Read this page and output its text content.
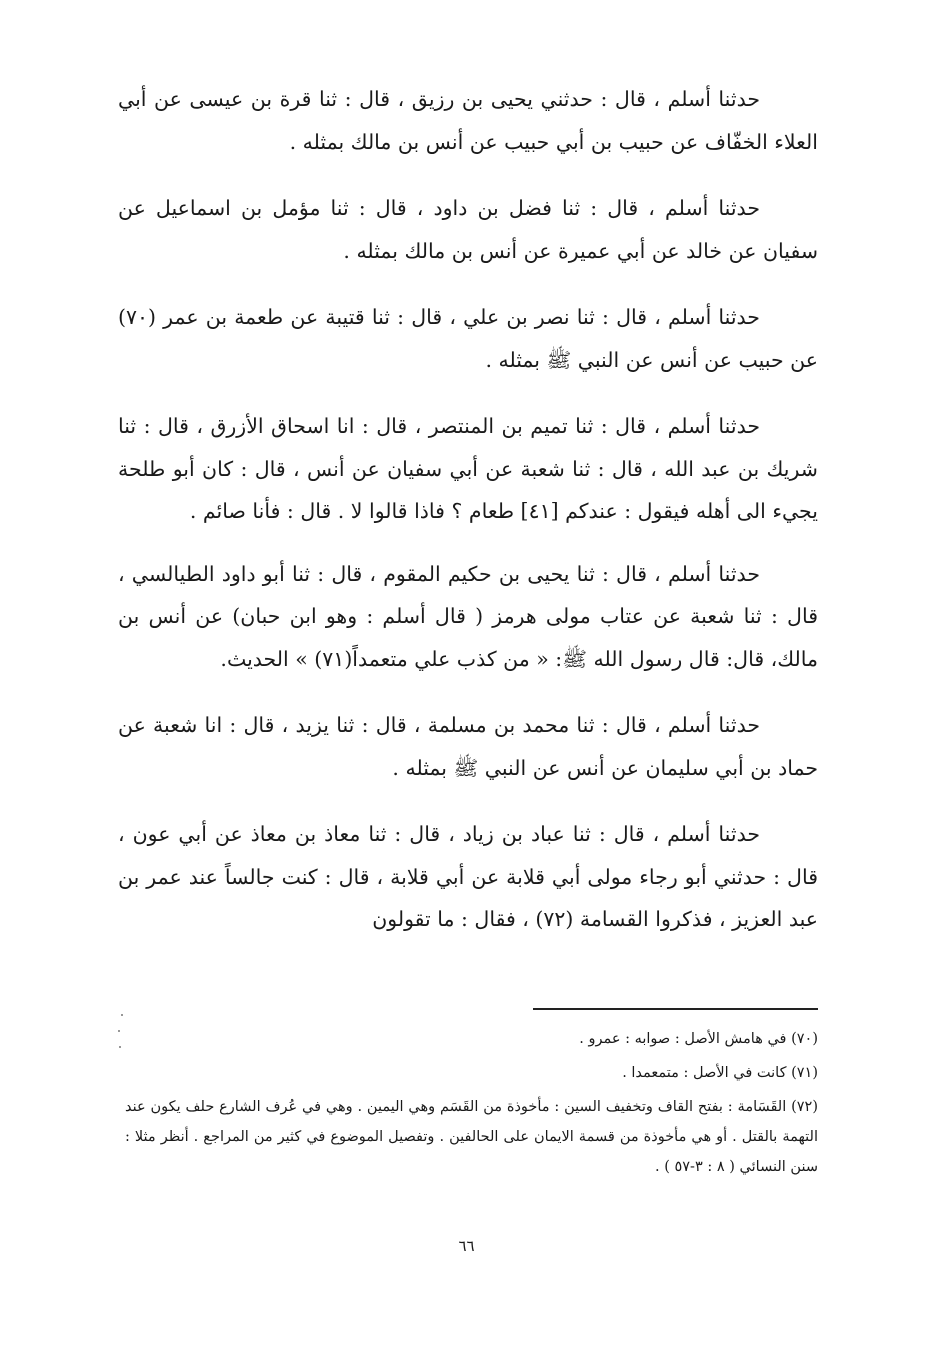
حدثنا أسلم ، قال : حدثني يحيى بن رزيق ، قال : ثنا قرة بن عيسى عن أبي العلاء الخفّاف عن حبيب بن أبي حبيب عن أنس بن مالك بمثله .

حدثنا أسلم ، قال : ثنا فضل بن داود ، قال : ثنا مؤمل بن اسماعيل عن سفيان عن خالد عن أبي عميرة عن أنس بن مالك بمثله .

حدثنا أسلم ، قال : ثنا نصر بن علي ، قال : ثنا قتيبة عن طعمة بن عمر (٧٠) عن حبيب عن أنس عن النبي ﷺ بمثله .

حدثنا أسلم ، قال : ثنا تميم بن المنتصر ، قال : انا اسحاق الأزرق ، قال : ثنا شريك بن عبد الله ، قال : ثنا شعبة عن أبي سفيان عن أنس ، قال : كان أبو طلحة يجيء الى أهله فيقول : عندكم [٤١] طعام ؟ فاذا قالوا لا . قال : فأنا صائم .

حدثنا أسلم ، قال : ثنا يحيى بن حكيم المقوم ، قال : ثنا أبو داود الطيالسي ، قال : ثنا شعبة عن عتاب مولى هرمز ( قال أسلم : وهو ابن حبان) عن أنس بن مالك، قال: قال رسول الله ﷺ: « من كذب علي متعمداً(٧١) » الحديث.

حدثنا أسلم ، قال : ثنا محمد بن مسلمة ، قال : ثنا يزيد ، قال : انا شعبة عن حماد بن أبي سليمان عن أنس عن النبي ﷺ بمثله .

حدثنا أسلم ، قال : ثنا عباد بن زياد ، قال : ثنا معاذ بن معاذ عن أبي عون ، قال : حدثني أبو رجاء مولى أبي قلابة عن أبي قلابة ، قال : كنت جالساً عند عمر بن عبد العزيز ، فذكروا القسامة (٧٢) ، فقال : ما تقولون

(٧٠) في هامش الأصل : صوابه : عمرو .

(٧١) كانت في الأصل : متمعمدا .

(٧٢) القَسَامة : بفتح القاف وتخفيف السين : مأخوذة من القَسَم وهي اليمين . وهي في عُرف الشارع حلف يكون عند التهمة بالقتل . أو هي مأخوذة من قسمة الايمان على الحالفين . وتفصيل الموضوع في كثير من المراجع . أنظر مثلا : سنن النسائي ( ٨ : ٣-٥٧ ) .

٦٦
